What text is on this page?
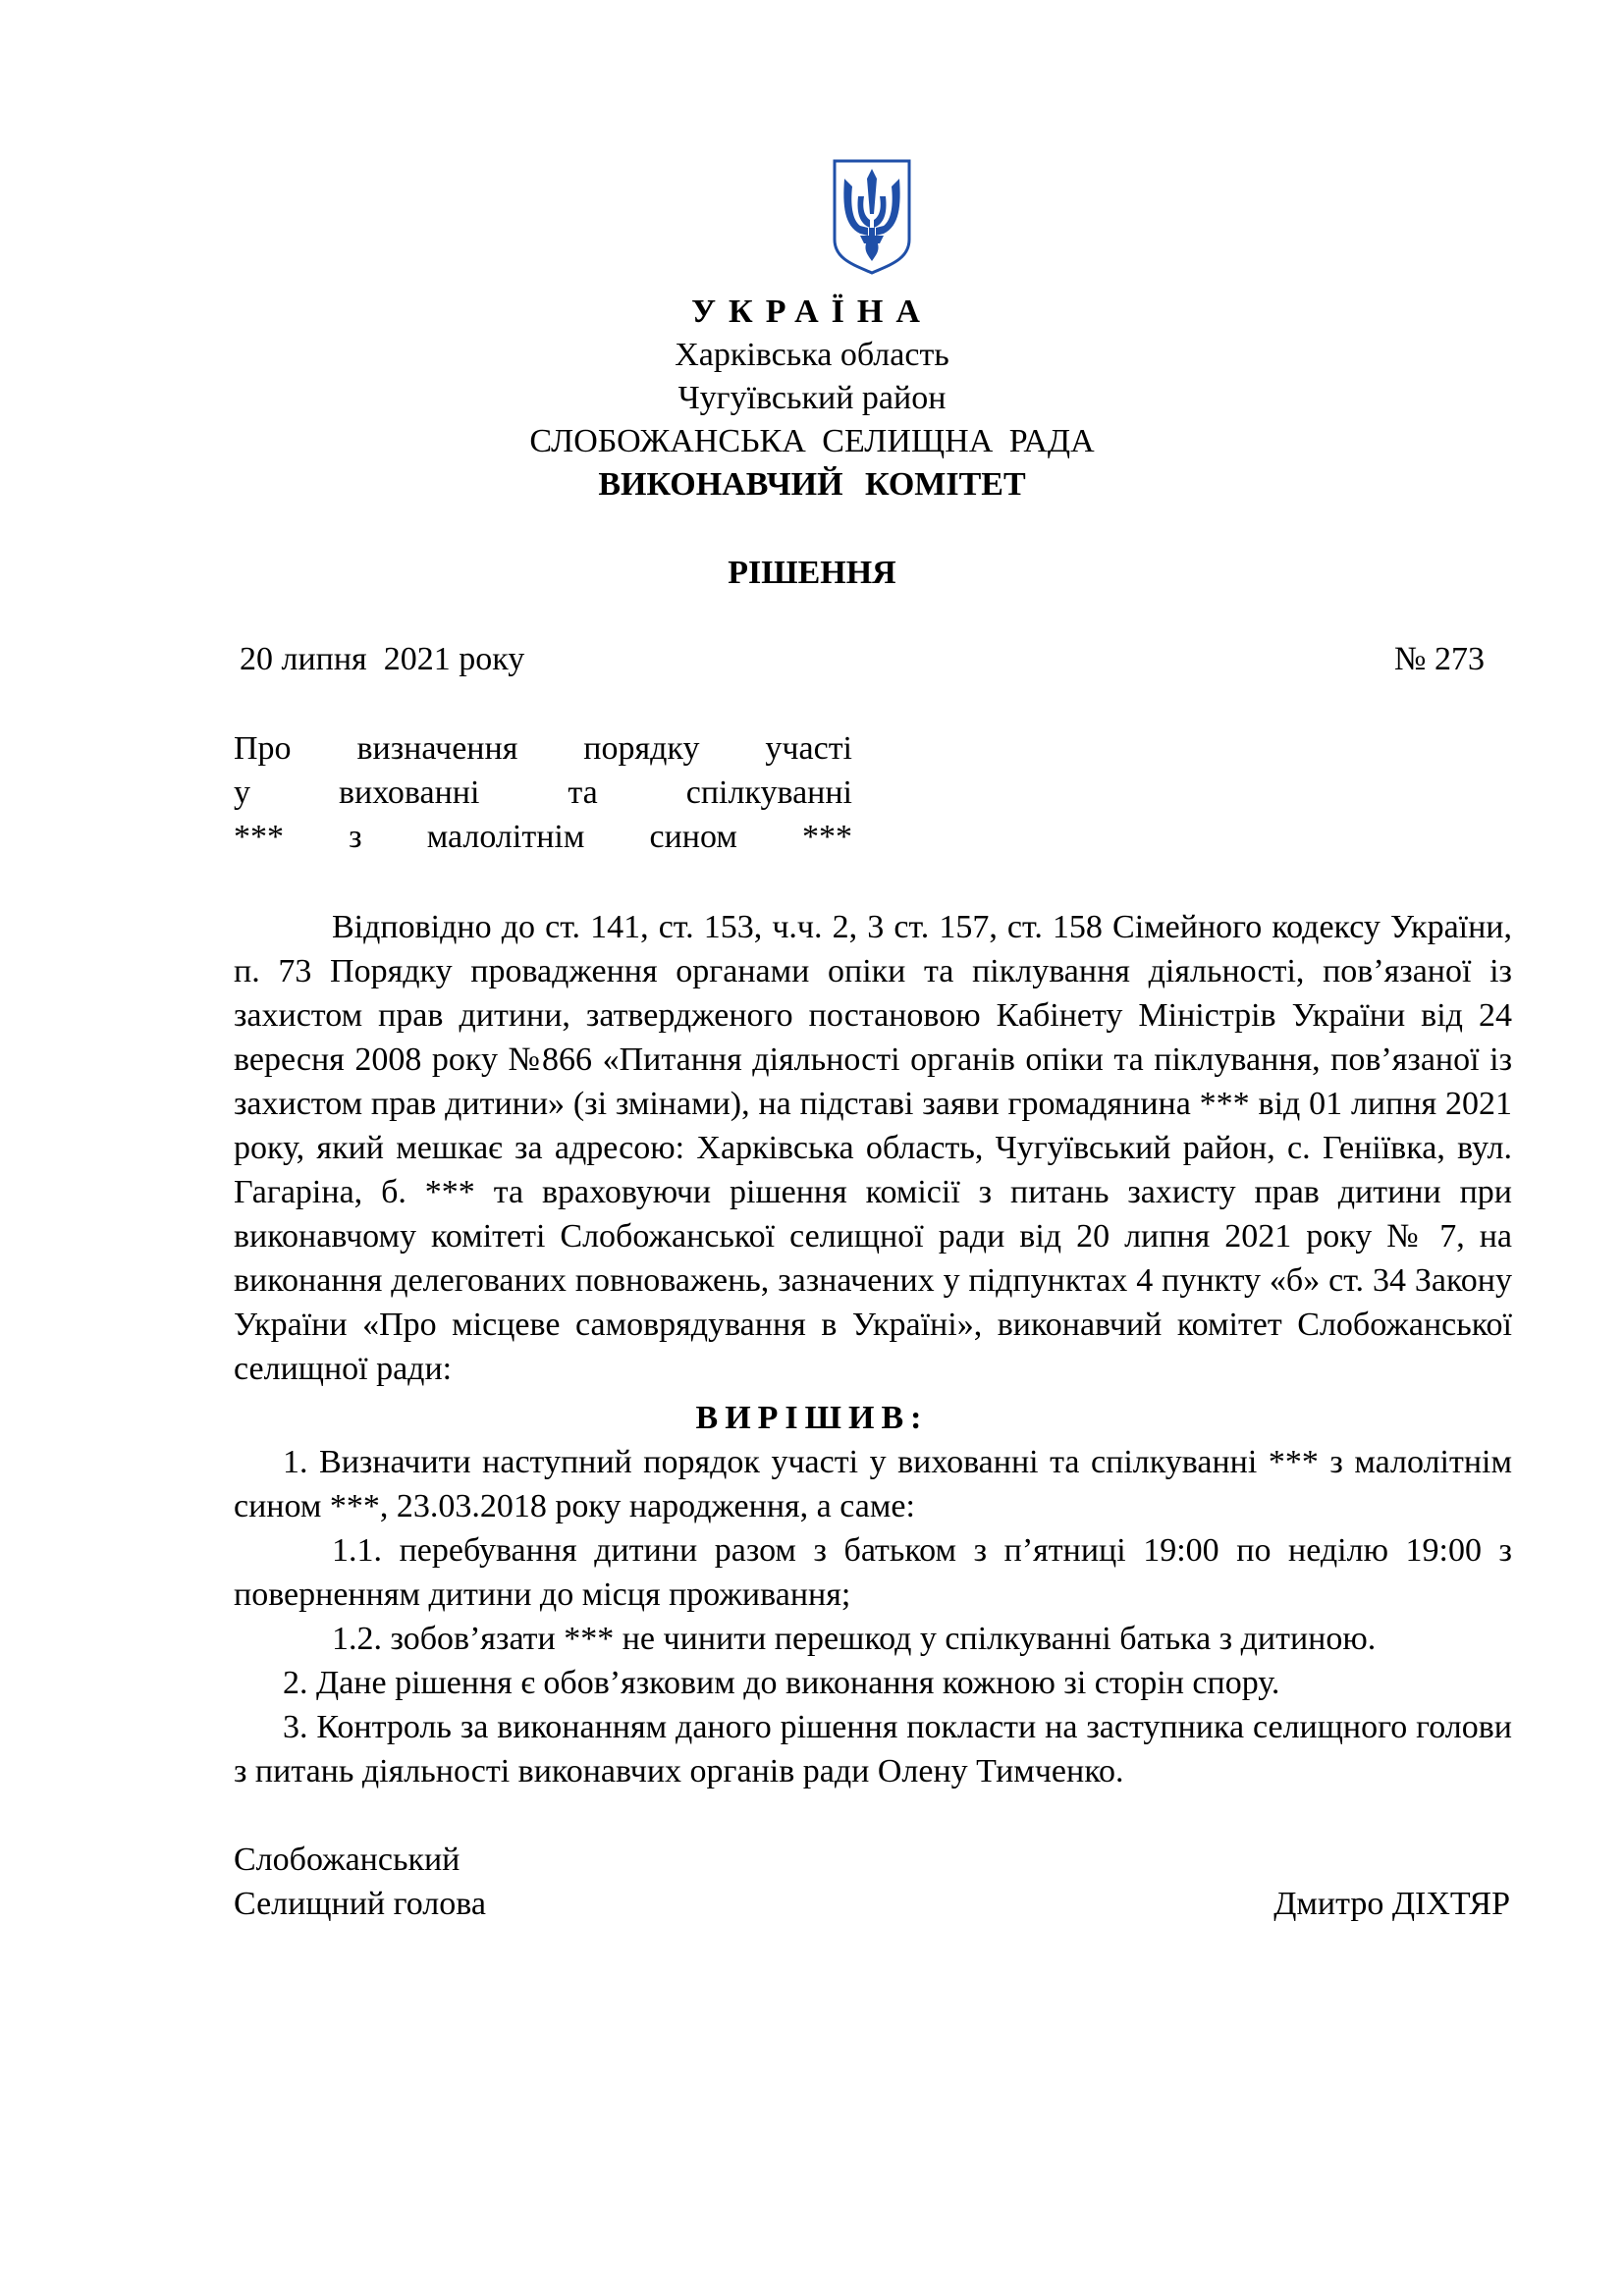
УКРАЇНА
Харківська область
Чугуївський район
СЛОБОЖАНСЬКА СЕЛИЩНА РАДА
ВИКОНАВЧИЙ КОМІТЕТ
РІШЕННЯ
20 липня  2021 року	№ 273
Про визначення порядку участі
у вихованні та спілкуванні
*** з малолітнім сином ***
Відповідно до ст. 141, ст. 153, ч.ч. 2, 3 ст. 157, ст. 158 Сімейного кодексу України, п. 73 Порядку провадження органами опіки та піклування діяльності, пов’язаної із захистом прав дитини, затвердженого постановою Кабінету Міністрів України від 24 вересня 2008 року №866 «Питання діяльності органів опіки та піклування, пов’язаної із захистом прав дитини» (зі змінами), на підставі заяви громадянина *** від 01 липня 2021 року, який мешкає за адресою: Харківська область, Чугуївський район, с. Геніївка, вул. Гагаріна, б. *** та враховуючи рішення комісії з питань захисту прав дитини при виконавчому комітеті Слобожанської селищної ради від 20 липня 2021 року № 7, на виконання делегованих повноважень, зазначених у підпунктах 4 пункту «б» ст. 34 Закону України «Про місцеве самоврядування в Україні», виконавчий комітет Слобожанської селищної ради:
ВИРІШИВ:
1. Визначити наступний порядок участі у вихованні та спілкуванні *** з малолітнім сином ***, 23.03.2018 року народження, а саме:
1.1. перебування дитини разом з батьком з п’ятниці 19:00 по неділю 19:00 з поверненням дитини до місця проживання;
1.2. зобов’язати *** не чинити перешкод у спілкуванні батька з дитиною.
2. Дане рішення є обов’язковим до виконання кожною зі сторін спору.
3. Контроль за виконанням даного рішення покласти на заступника селищного голови з питань діяльності виконавчих органів ради Олену Тимченко.
Слобожанський
Селищний голова	Дмитро ДІХТЯР
